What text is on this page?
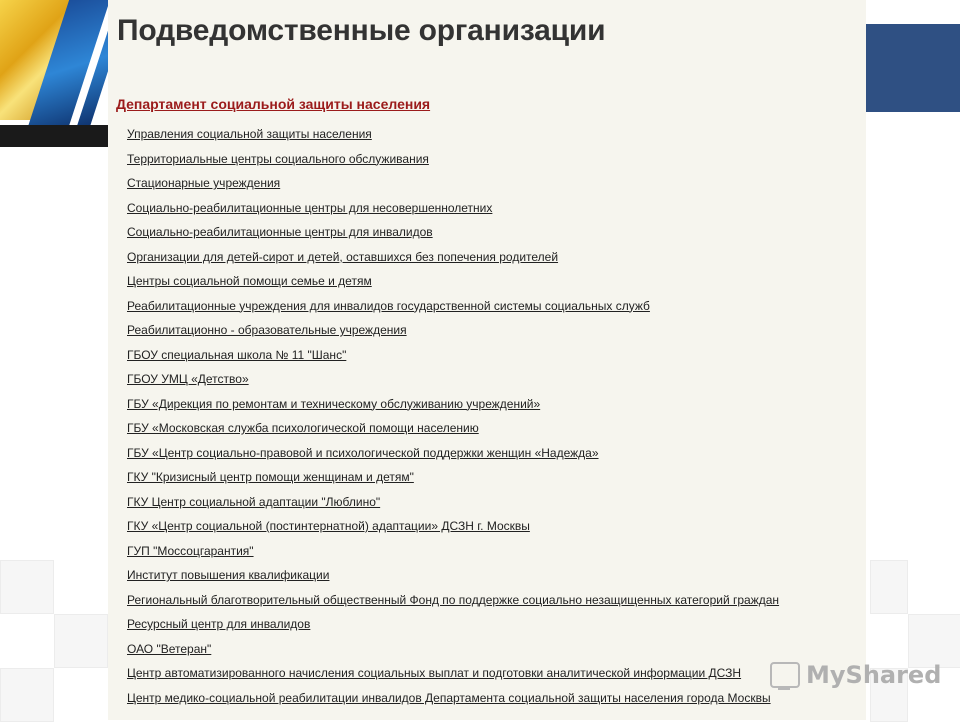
Подведомственные организации
Департамент социальной защиты населения
Управления социальной защиты населения
Территориальные центры социального обслуживания
Стационарные учреждения
Социально-реабилитационные центры для несовершеннолетних
Социально-реабилитационные центры для инвалидов
Организации для детей-сирот и детей, оставшихся без попечения родителей
Центры социальной помощи семье и детям
Реабилитационные учреждения для инвалидов государственной системы социальных служб
Реабилитационно - образовательные учреждения
ГБОУ специальная школа № 11 "Шанс"
ГБОУ УМЦ «Детство»
ГБУ «Дирекция по ремонтам и техническому обслуживанию учреждений»
ГБУ «Московская служба психологической помощи населению
ГБУ «Центр социально-правовой и психологической поддержки женщин «Надежда»
ГКУ "Кризисный центр помощи женщинам и детям"
ГКУ Центр социальной адаптации "Люблино"
ГКУ «Центр социальной (постинтернатной) адаптации» ДСЗН г. Москвы
ГУП "Моссоцгарантия"
Институт повышения квалификации
Региональный благотворительный общественный Фонд по поддержке социально незащищенных категорий граждан
Ресурсный центр для инвалидов
ОАО "Ветеран"
Центр автоматизированного начисления социальных выплат и подготовки аналитической информации ДСЗН
Центр медико-социальной реабилитации инвалидов Департамента социальной защиты населения города Москвы
MyShared
